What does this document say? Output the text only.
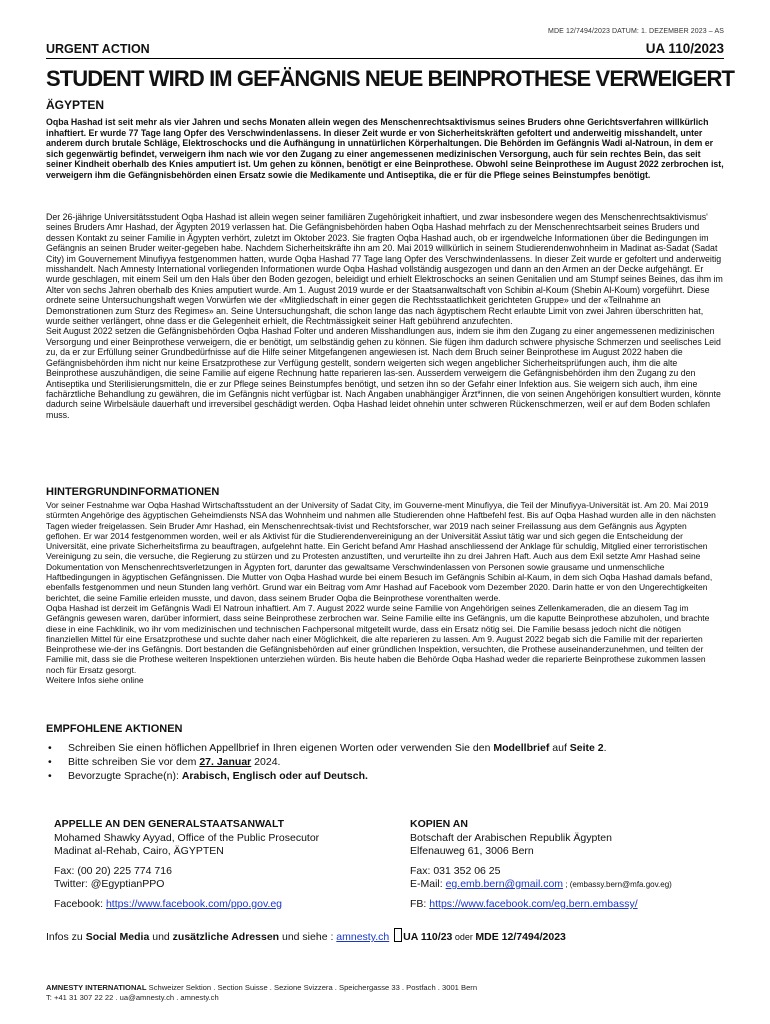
MDE 12/7494/2023 DATUM: 1. DEZEMBER 2023 – AS
URGENT ACTION	UA 110/2023
STUDENT WIRD IM GEFÄNGNIS NEUE BEINPROTHESE VERWEIGERT
ÄGYPTEN
Oqba Hashad ist seit mehr als vier Jahren und sechs Monaten allein wegen des Menschenrechtsaktivismus seines Bruders ohne Gerichtsverfahren willkürlich inhaftiert. Er wurde 77 Tage lang Opfer des Verschwindenlassens. In dieser Zeit wurde er von Sicherheitskräften gefoltert und anderweitig misshandelt, unter anderem durch brutale Schläge, Elektroschocks und die Aufhängung in unnatürlichen Körperhaltungen. Die Behörden im Gefängnis Wadi al-Natroun, in dem er sich gegenwärtig befindet, verweigern ihm nach wie vor den Zugang zu einer angemessenen medizinischen Versorgung, auch für sein rechtes Bein, das seit seiner Kindheit oberhalb des Knies amputiert ist. Um gehen zu können, benötigt er eine Beinprothese. Obwohl seine Beinprothese im August 2022 zerbrochen ist, verweigern ihm die Gefängnisbehörden einen Ersatz sowie die Medikamente und Antiseptika, die er für die Pflege seines Beinstumpfes benötigt.

Der 26-jährige Universitätsstudent Oqba Hashad ist allein wegen seiner familiären Zugehörigkeit inhaftiert, und zwar insbesondere wegen des Menschenrechtsaktivismus' seines Bruders Amr Hashad, der Ägypten 2019 verlassen hat. Die Gefängnisbehörden haben Oqba Hashad mehrfach zu der Menschenrechtsarbeit seines Bruders und dessen Kontakt zu seiner Familie in Ägypten verhört, zuletzt im Oktober 2023. Sie fragten Oqba Hashad auch, ob er irgendwelche Informationen über die Bedingungen im Gefängnis an seinen Bruder weiter-gegeben habe. Nachdem Sicherheitskräfte ihn am 20. Mai 2019 willkürlich in seinem Studierendenwohnheim in Madinat as-Sadat (Sadat City) im Gouvernement Minufiyya festgenommen hatten, wurde Oqba Hashad 77 Tage lang Opfer des Verschwindenlassens. In dieser Zeit wurde er gefoltert und anderweitig misshandelt. Nach Amnesty International vorliegenden Informationen wurde Oqba Hashad vollständig ausgezogen und dann an den Armen an der Decke aufgehängt. Er wurde geschlagen, mit einem Seil um den Hals über den Boden gezogen, beleidigt und erhielt Elektroschocks an seinen Genitalien und am Stumpf seines Beines, das ihm im Alter von sechs Jahren oberhalb des Knies amputiert wurde. Am 1. August 2019 wurde er der Staatsanwaltschaft von Schibin al-Koum (Shebin Al-Koum) vorgeführt. Diese ordnete seine Untersuchungshaft wegen Vorwürfen wie der «Mitgliedschaft in einer gegen die Rechtsstaatlichkeit gerichteten Gruppe» und der «Teilnahme an Demonstrationen zum Sturz des Regimes» an. Seine Untersuchungshaft, die schon lange das nach ägyptischem Recht erlaubte Limit von zwei Jahren überschritten hat, wurde seither verlängert, ohne dass er die Gelegenheit erhielt, die Rechtmässigkeit seiner Haft gebührend anzufechten.

Seit August 2022 setzen die Gefängnisbehörden Oqba Hashad Folter und anderen Misshandlungen aus, indem sie ihm den Zugang zu einer angemessenen medizinischen Versorgung und einer Beinprothese verweigern, die er benötigt, um selbständig gehen zu können. Sie fügen ihm dadurch schwere physische Schmerzen und seelisches Leid zu, da er zur Erfüllung seiner Grundbedürfnisse auf die Hilfe seiner Mitgefangenen angewiesen ist. Nach dem Bruch seiner Beinprothese im August 2022 haben die Gefängnisbehörden ihm nicht nur keine Ersatzprothese zur Verfügung gestellt, sondern weigerten sich wegen angeblicher Sicherheitsprüfungen auch, ihm die alte Beinprothese auszuhändigen, die seine Familie auf eigene Rechnung hatte reparieren las-sen. Ausserdem verweigern die Gefängnisbehörden ihm den Zugang zu den Antiseptika und Sterilisierungsmitteln, die er zur Pflege seines Beinstumpfes benötigt, und setzen ihn so der Gefahr einer Infektion aus. Sie weigern sich auch, ihm eine fachärztliche Behandlung zu gewähren, die im Gefängnis nicht verfügbar ist. Nach Angaben unabhängiger Ärzt*innen, die von seinen Angehörigen konsultiert wurden, könnte dadurch seine Wirbelsäule dauerhaft und irreversibel geschädigt werden. Oqba Hashad leidet ohnehin unter schweren Rückenschmerzen, weil er auf dem Boden schlafen muss.

HINTERGRUNDINFORMATIONEN

Vor seiner Festnahme war Oqba Hashad Wirtschaftsstudent an der University of Sadat City, im Gouverne-ment Minufiyya, die Teil der Minufiyya-Universität ist. Am 20. Mai 2019 stürmten Angehörige des ägyptischen Geheimdiensts NSA das Wohnheim und nahmen alle Studierenden ohne Haftbefehl fest. Bis auf Oqba Hashad wurden alle in den nächsten Tagen wieder freigelassen. Sein Bruder Amr Hashad, ein Menschenrechtsak-tivist und Rechtsforscher, war 2019 nach seiner Freilassung aus dem Gefängnis aus Ägypten geflohen. Er war 2014 festgenommen worden, weil er als Aktivist für die Studierendenvereinigung an der Universität Assiut tätig war und sich gegen die Entscheidung der Universität, eine private Sicherheitsfirma zu beauftragen, aufgelehnt hatte. Ein Gericht befand Amr Hashad anschliessend der Anklage für schuldig, Mitglied einer terroristischen Vereinigung zu sein, die versuche, die Regierung zu stürzen und zu Protesten anzustiften, und verurteilte ihn zu drei Jahren Haft. Auch aus dem Exil setzte Amr Hashad seine Dokumentation von Menschenrechtsverletzungen in Ägypten fort, darunter das gewaltsame Verschwindenlassen von Personen sowie grausame und unmenschliche Haftbedingungen in ägyptischen Gefängnissen. Die Mutter von Oqba Hashad wurde bei einem Besuch im Gefängnis Schibin al-Kaum, in dem sich Oqba Hashad damals befand, ebenfalls festgenommen und neun Stunden lang verhört. Grund war ein Beitrag vom Amr Hashad auf Facebook vom Dezember 2020. Darin hatte er von den Ungerechtigkeiten berichtet, die seine Familie erleiden musste, und davon, dass seinem Bruder Oqba die Beinprothese vorenthalten werde.

Oqba Hashad ist derzeit im Gefängnis Wadi El Natroun inhaftiert. Am 7. August 2022 wurde seine Familie von Angehörigen seines Zellenkameraden, die an diesem Tag im Gefängnis gewesen waren, darüber informiert, dass seine Beinprothese zerbrochen war. Seine Familie eilte ins Gefängnis, um die kaputte Beinprothese abzuholen, und brachte diese in eine Fachklinik, wo ihr vom medizinischen und technischen Fachpersonal mitgeteilt wurde, dass ein Ersatz nötig sei. Die Familie besass jedoch nicht die nötigen finanziellen Mittel für eine Ersatzprothese und suchte daher nach einer Möglichkeit, die alte reparieren zu lassen. Am 9. August 2022 begab sich die Familie mit der reparierten Beinprothese wie-der ins Gefängnis. Dort bestanden die Gefängnisbehörden auf einer gründlichen Inspektion, versuchten, die Prothese auseinanderzunehmen, und teilten der Familie mit, dass sie die Prothese weiteren Inspektionen unterziehen würden. Bis heute haben die Behörde Oqba Hashad weder die reparierte Beinprothese zukommen lassen noch für Ersatz gesorgt.

Weitere Infos siehe online

EMPFOHLENE AKTIONEN
• Schreiben Sie einen höflichen Appellbrief in Ihren eigenen Worten oder verwenden Sie den Modellbrief auf Seite 2.
• Bitte schreiben Sie vor dem 27. Januar 2024.
• Bevorzugte Sprache(n): Arabisch, Englisch oder auf Deutsch.
APPELLE AN DEN GENERALSTAATSANWALT
Mohamed Shawky Ayyad, Office of the Public Prosecutor
Madinat al-Rehab, Cairo, ÄGYPTEN
Fax: (00 20) 225 774 716
Twitter: @EgyptianPPO
Facebook: https://www.facebook.com/ppo.gov.eg
KOPIEN AN
Botschaft der Arabischen Republik Ägypten
Elfenauweg 61, 3006 Bern
Fax: 031 352 06 25
E-Mail: eg.emb.bern@gmail.com ; (embassy.bern@mfa.gov.eg)
FB: https://www.facebook.com/eg.bern.embassy/
Infos zu Social Media und zusätzliche Adressen und siehe : amnesty.ch UA 110/23 oder MDE 12/7494/2023
AMNESTY INTERNATIONAL Schweizer Sektion . Section Suisse . Sezione Svizzera . Speichergasse 33 . Postfach . 3001 Bern
T: +41 31 307 22 22 . ua@amnesty.ch . amnesty.ch
